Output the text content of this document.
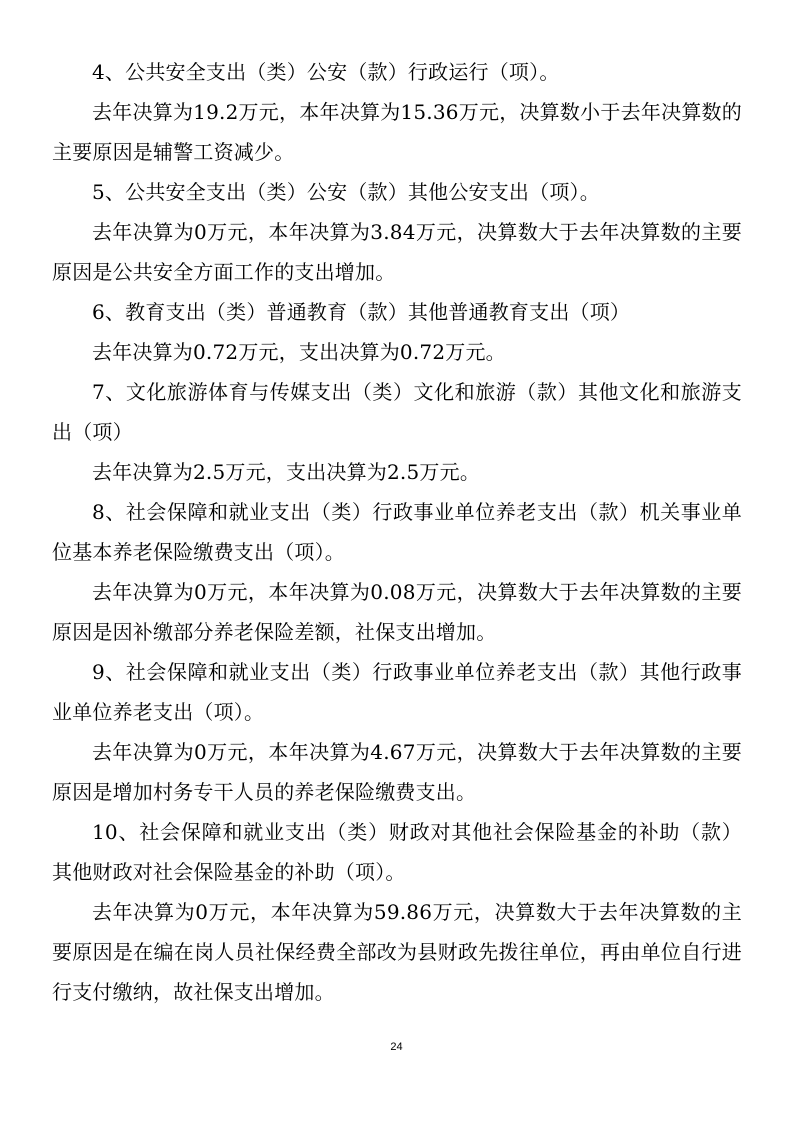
4、公共安全支出（类）公安（款）行政运行（项）。

去年决算为19.2万元，本年决算为15.36万元，决算数小于去年决算数的主要原因是辅警工资减少。

5、公共安全支出（类）公安（款）其他公安支出（项）。

去年决算为0万元，本年决算为3.84万元，决算数大于去年决算数的主要原因是公共安全方面工作的支出增加。

6、教育支出（类）普通教育（款）其他普通教育支出（项）

去年决算为0.72万元，支出决算为0.72万元。

7、文化旅游体育与传媒支出（类）文化和旅游（款）其他文化和旅游支出（项）

去年决算为2.5万元，支出决算为2.5万元。

8、社会保障和就业支出（类）行政事业单位养老支出（款）机关事业单位基本养老保险缴费支出（项）。

去年决算为0万元，本年决算为0.08万元，决算数大于去年决算数的主要原因是因补缴部分养老保险差额，社保支出增加。

9、社会保障和就业支出（类）行政事业单位养老支出（款）其他行政事业单位养老支出（项）。

去年决算为0万元，本年决算为4.67万元，决算数大于去年决算数的主要原因是增加村务专干人员的养老保险缴费支出。

10、社会保障和就业支出（类）财政对其他社会保险基金的补助（款）其他财政对社会保险基金的补助（项）。

去年决算为0万元，本年决算为59.86万元，决算数大于去年决算数的主要原因是在编在岗人员社保经费全部改为县财政先拨往单位，再由单位自行进行支付缴纳，故社保支出增加。

24
